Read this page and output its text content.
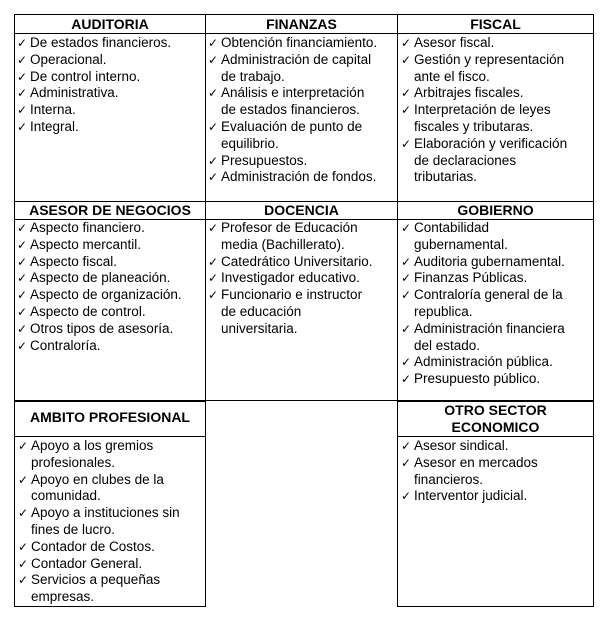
AUDITORIA
✓ De estados financieros.
✓ Operacional.
✓ De control interno.
✓ Administrativa.
✓ Interna.
✓ Integral.
FINANZAS
✓ Obtención financiamiento.
✓ Administración de capital
de trabajo.
✓ Análisis e interpretación
de estados financieros.
✓ Evaluación de punto de
equilibrio.
✓ Presupuestos.
✓ Administración de fondos.
FISCAL
✓ Asesor fiscal.
✓ Gestión y representación
ante el fisco.
✓ Arbitrajes fiscales.
✓ Interpretación de leyes
fiscales y tributaras.
✓ Elaboración y verificación
de declaraciones
tributarias.
ASESOR DE NEGOCIOS
✓ Aspecto financiero.
✓ Aspecto mercantil.
✓ Aspecto fiscal.
✓ Aspecto de planeación.
✓ Aspecto de organización.
✓ Aspecto de control.
✓ Otros tipos de asesoría.
✓ Contraloría.
DOCENCIA
✓ Profesor de Educación
media (Bachillerato).
✓ Catedrático Universitario.
✓ Investigador educativo.
✓ Funcionario e instructor
de educación
universitaria.
GOBIERNO
✓ Contabilidad
gubernamental.
✓ Auditoria gubernamental.
✓ Finanzas Públicas.
✓ Contraloría general de la
republica.
✓ Administración financiera
del estado.
✓ Administración pública.
✓ Presupuesto público.
AMBITO PROFESIONAL
✓ Apoyo a los gremios
profesionales.
✓ Apoyo en clubes de la
comunidad.
✓ Apoyo a instituciones sin
fines de lucro.
✓ Contador de Costos.
✓ Contador General.
✓ Servicios a pequeñas
empresas.
OTRO SECTOR
ECONOMICO
✓ Asesor sindical.
✓ Asesor en mercados
financieros.
✓ Interventor judicial.
